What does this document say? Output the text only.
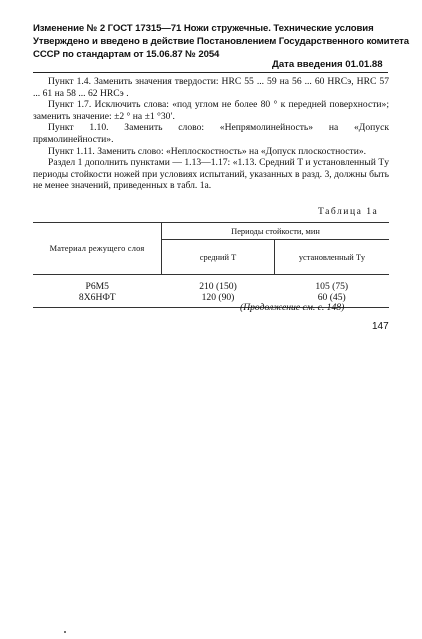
Изменение № 2 ГОСТ 17315—71 Ножи стружечные. Технические условия
Утверждено и введено в действие Постановлением Государственного комитета
СССР по стандартам от 15.06.87 № 2054
Дата введения 01.01.88

Пункт 1.4. Заменить значения твердости: HRC 55 ... 59 на 56 ... 60 HRCэ, HRC 57 ... 61 на 58 ... 62 HRCэ .

Пункт 1.7. Исключить слова: «под углом не более 80 ° к передней поверхности»; заменить значение: ±2 ° на ±1 °30′.

Пункт 1.10. Заменить слово: «Непрямолинейность» на «Допуск прямолинейности».

Пункт 1.11. Заменить слово: «Неплоскостность» на «Допуск плоскостности».

Раздел 1 дополнить пунктами — 1.13—1.17: «1.13. Средний T и установленный Tу периоды стойкости ножей при условиях испытаний, указанных в разд. 3, должны быть не менее значений, приведенных в табл. 1а.

Таблица 1а
Материал режущего слоя	Периоды стойкости, мин	
	средний T	установленный Tу
Р6М5	210 (150)	105 (75)
8Х6НФТ	120 (90)	60 (45)
(Продолжение см. с. 148)
147
